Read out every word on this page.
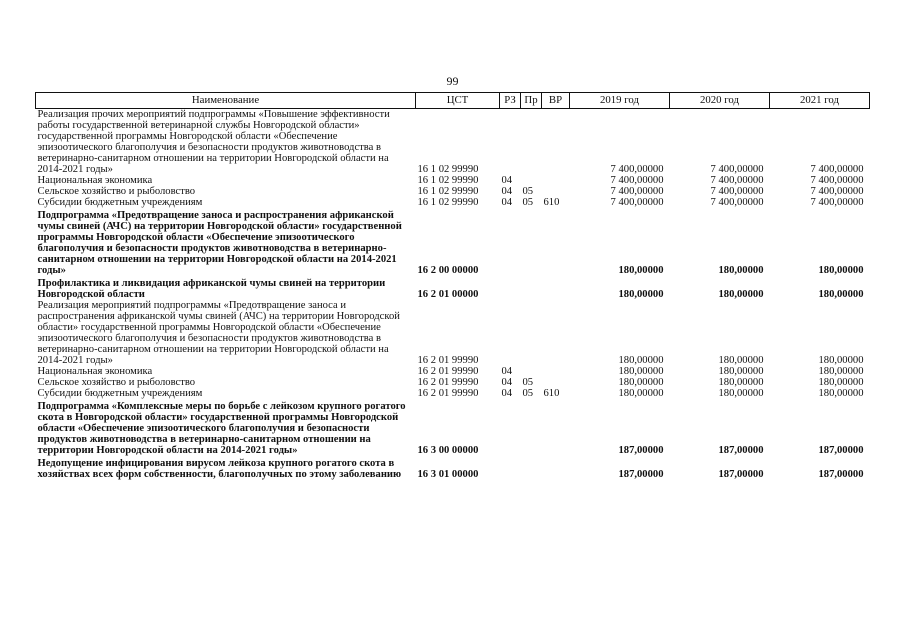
99
Наименование	ЦСТ	РЗ	Пр	ВР	2019 год	2020 год	2021 год
Реализация прочих мероприятий подпрограммы «Повышение эффективности работы государственной ветеринарной службы Новгородской области» государственной программы Новгородской области «Обеспечение эпизоотического благополучия и безопасности продуктов животноводства в ветеринарно-санитарном отношении на территории Новгородской области на 2014-2021 годы»	16 1 02 99990				7 400,00000	7 400,00000	7 400,00000
Национальная экономика	16 1 02 99990	04			7 400,00000	7 400,00000	7 400,00000
Сельское хозяйство и рыболовство	16 1 02 99990	04	05		7 400,00000	7 400,00000	7 400,00000
Субсидии бюджетным учреждениям	16 1 02 99990	04	05	610	7 400,00000	7 400,00000	7 400,00000
Подпрограмма «Предотвращение заноса и распространения африканской чумы свиней (АЧС) на территории Новгородской области» государственной программы Новгородской области «Обеспечение эпизоотического благополучия и безопасности продуктов животноводства в ветеринарно-санитарном отношении на территории Новгородской области на 2014-2021 годы»	16 2 00 00000				180,00000	180,00000	180,00000
Профилактика и ликвидация африканской чумы свиней на территории Новгородской области	16 2 01 00000				180,00000	180,00000	180,00000
Реализация мероприятий подпрограммы «Предотвращение заноса и распространения африканской чумы свиней (АЧС) на территории Новгородской области» государственной программы Новгородской области «Обеспечение эпизоотического благополучия и безопасности продуктов животноводства в ветеринарно-санитарном отношении на территории Новгородской области на 2014-2021 годы»	16 2 01 99990				180,00000	180,00000	180,00000
Национальная экономика	16 2 01 99990	04			180,00000	180,00000	180,00000
Сельское хозяйство и рыболовство	16 2 01 99990	04	05		180,00000	180,00000	180,00000
Субсидии бюджетным учреждениям	16 2 01 99990	04	05	610	180,00000	180,00000	180,00000
Подпрограмма «Комплексные меры по борьбе с лейкозом крупного рогатого скота в Новгородской области» государственной программы Новгородской области «Обеспечение эпизоотического благополучия и безопасности продуктов животноводства в ветеринарно-санитарном отношении на территории Новгородской области на 2014-2021 годы»	16 3 00 00000				187,00000	187,00000	187,00000
Недопущение инфицирования вирусом лейкоза крупного рогатого скота в хозяйствах всех форм собственности, благополучных по этому заболеванию	16 3 01 00000				187,00000	187,00000	187,00000
